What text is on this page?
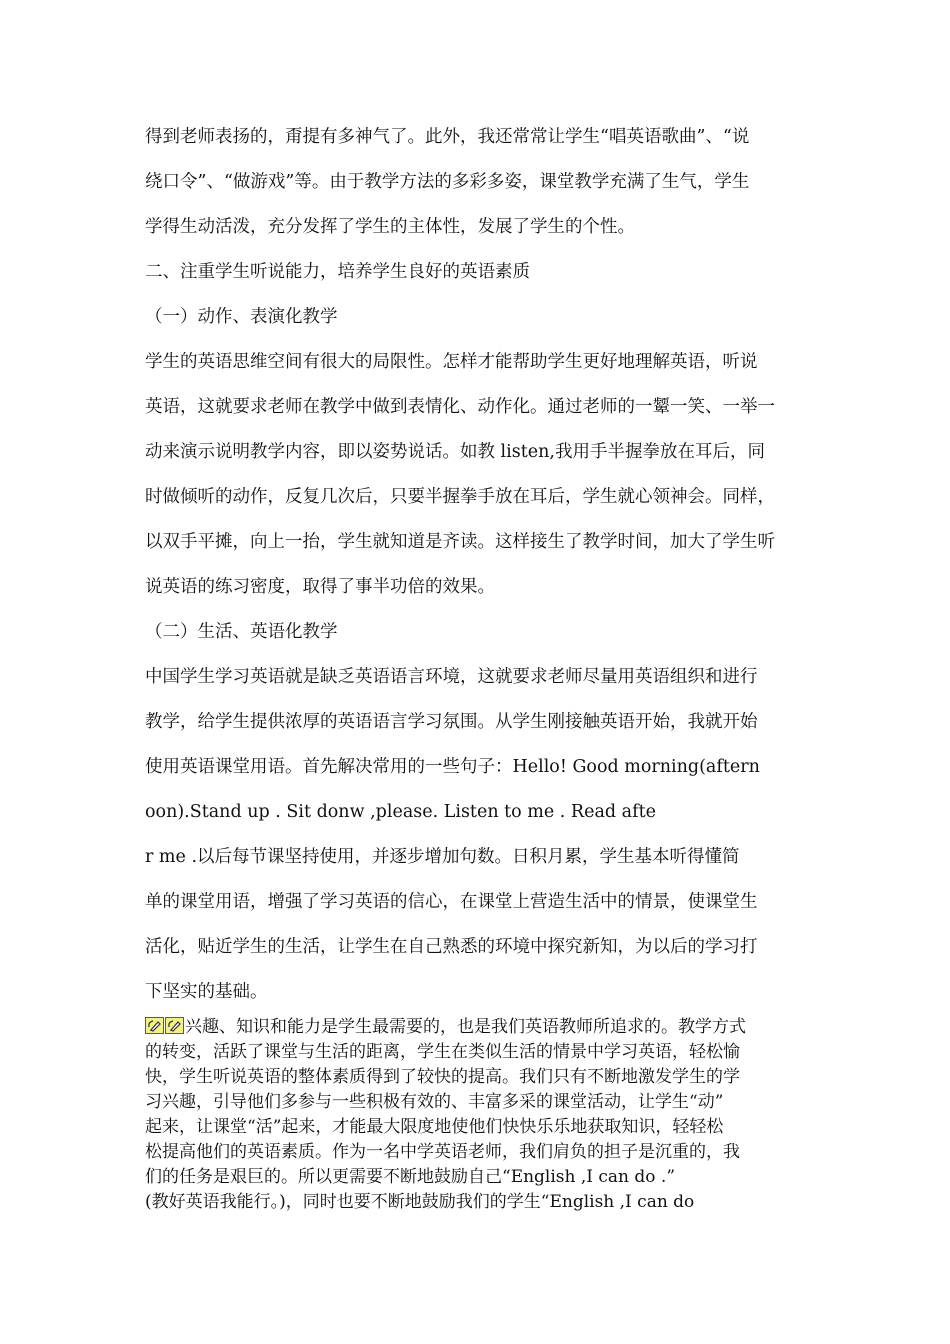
得到老师表扬的，甭提有多神气了。此外，我还常常让学生“唱英语歌曲”、“说

绕口令”、“做游戏”等。由于教学方法的多彩多姿，课堂教学充满了生气，学生

学得生动活泼，充分发挥了学生的主体性，发展了学生的个性。

二、注重学生听说能力，培养学生良好的英语素质

（一）动作、表演化教学

学生的英语思维空间有很大的局限性。怎样才能帮助学生更好地理解英语，听说

英语，这就要求老师在教学中做到表情化、动作化。通过老师的一颦一笑、一举一

动来演示说明教学内容，即以姿势说话。如教 listen,我用手半握拳放在耳后，同

时做倾听的动作，反复几次后，只要半握拳手放在耳后，学生就心领神会。同样，

以双手平摊，向上一抬，学生就知道是齐读。这样接生了教学时间，加大了学生听

说英语的练习密度，取得了事半功倍的效果。

（二）生活、英语化教学

中国学生学习英语就是缺乏英语语言环境，这就要求老师尽量用英语组织和进行

教学，给学生提供浓厚的英语语言学习氛围。从学生刚接触英语开始，我就开始

使用英语课堂用语。首先解决常用的一些句子：Hello! Good morning(aftern

oon).Stand up . Sit donw ,please. Listen to me . Read afte

r me .以后每节课坚持使用，并逐步增加句数。日积月累，学生基本听得懂简

单的课堂用语，增强了学习英语的信心，在课堂上营造生活中的情景，使课堂生

活化，贴近学生的生活，让学生在自己熟悉的环境中探究新知，为以后的学习打

下坚实的基础。

兴趣、知识和能力是学生最需要的，也是我们英语教师所追求的。教学方式

的转变，活跃了课堂与生活的距离，学生在类似生活的情景中学习英语，轻松愉

快，学生听说英语的整体素质得到了较快的提高。我们只有不断地激发学生的学

习兴趣，引导他们多参与一些积极有效的、丰富多采的课堂活动，让学生“动”

起来，让课堂“活”起来，才能最大限度地使他们快快乐乐地获取知识，轻轻松

松提高他们的英语素质。作为一名中学英语老师，我们肩负的担子是沉重的，我

们的任务是艰巨的。所以更需要不断地鼓励自己“English ,I can do .”

(教好英语我能行。)，同时也要不断地鼓励我们的学生“English ,I can do
